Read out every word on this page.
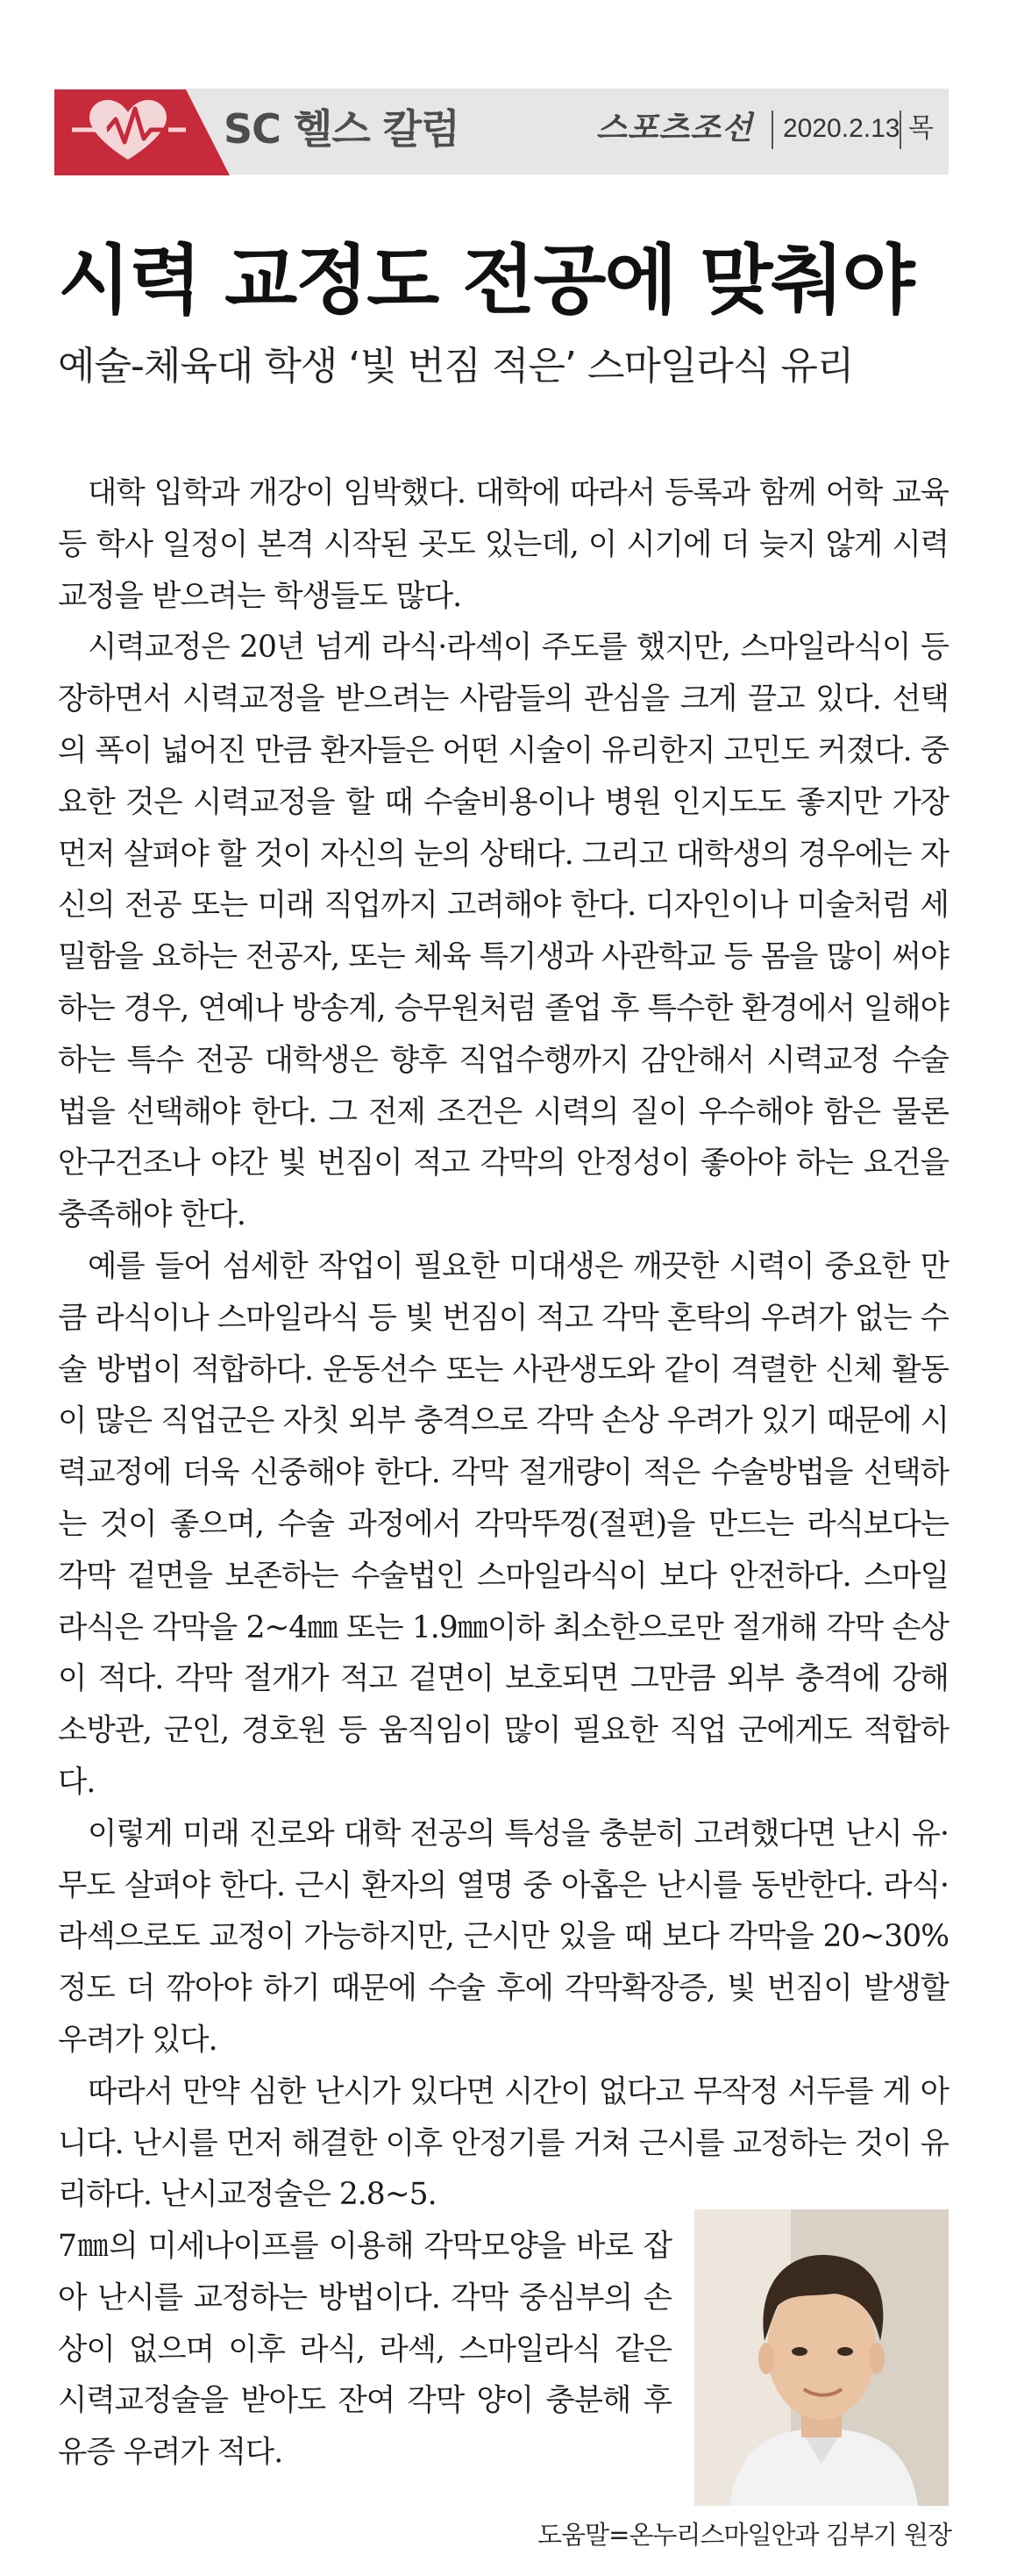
SC 헬스 칼럼	스포츠조선 2020.2.13 목
시력 교정도 전공에 맞춰야
예술-체육대 학생 ‘빛 번짐 적은’ 스마일라식 유리

대학 입학과 개강이 임박했다. 대학에 따라서 등록과 함께 어학 교육 등 학사 일정이 본격 시작된 곳도 있는데, 이 시기에 더 늦지 않게 시력교정을 받으려는 학생들도 많다.

시력교정은 20년 넘게 라식·라섹이 주도를 했지만, 스마일라식이 등장하면서 시력교정을 받으려는 사람들의 관심을 크게 끌고 있다. 선택의 폭이 넓어진 만큼 환자들은 어떤 시술이 유리한지 고민도 커졌다. 중요한 것은 시력교정을 할 때 수술비용이나 병원 인지도도 좋지만 가장 먼저 살펴야 할 것이 자신의 눈의 상태다. 그리고 대학생의 경우에는 자신의 전공 또는 미래 직업까지 고려해야 한다. 디자인이나 미술처럼 세밀함을 요하는 전공자, 또는 체육 특기생과 사관학교 등 몸을 많이 써야 하는 경우, 연예나 방송계, 승무원처럼 졸업 후 특수한 환경에서 일해야 하는 특수 전공 대학생은 향후 직업수행까지 감안해서 시력교정 수술법을 선택해야 한다. 그 전제 조건은 시력의 질이 우수해야 함은 물론 안구건조나 야간 빛 번짐이 적고 각막의 안정성이 좋아야 하는 요건을 충족해야 한다.

예를 들어 섬세한 작업이 필요한 미대생은 깨끗한 시력이 중요한 만큼 라식이나 스마일라식 등 빛 번짐이 적고 각막 혼탁의 우려가 없는 수술 방법이 적합하다. 운동선수 또는 사관생도와 같이 격렬한 신체 활동이 많은 직업군은 자칫 외부 충격으로 각막 손상 우려가 있기 때문에 시력교정에 더욱 신중해야 한다. 각막 절개량이 적은 수술방법을 선택하는 것이 좋으며, 수술 과정에서 각막뚜껑(절편)을 만드는 라식보다는 각막 겉면을 보존하는 수술법인 스마일라식이 보다 안전하다. 스마일라식은 각막을 2~4㎜ 또는 1.9㎜이하 최소한으로만 절개해 각막 손상이 적다. 각막 절개가 적고 겉면이 보호되면 그만큼 외부 충격에 강해 소방관, 군인, 경호원 등 움직임이 많이 필요한 직업 군에게도 적합하다.

이렇게 미래 진로와 대학 전공의 특성을 충분히 고려했다면 난시 유·무도 살펴야 한다. 근시 환자의 열명 중 아홉은 난시를 동반한다. 라식·라섹으로도 교정이 가능하지만, 근시만 있을 때 보다 각막을 20~30%정도 더 깎아야 하기 때문에 수술 후에 각막확장증, 빛 번짐이 발생할 우려가 있다.

따라서 만약 심한 난시가 있다면 시간이 없다고 무작정 서두를 게 아니다. 난시를 먼저 해결한 이후 안정기를 거쳐 근시를 교정하는 것이 유리하다. 난시교정술은 2.8~5.

7㎜의 미세나이프를 이용해 각막모양을 바로 잡아 난시를 교정하는 방법이다. 각막 중심부의 손상이 없으며 이후 라식, 라섹, 스마일라식 같은 시력교정술을 받아도 잔여 각막 양이 충분해 후유증 우려가 적다.

도움말=온누리스마일안과 김부기 원장
